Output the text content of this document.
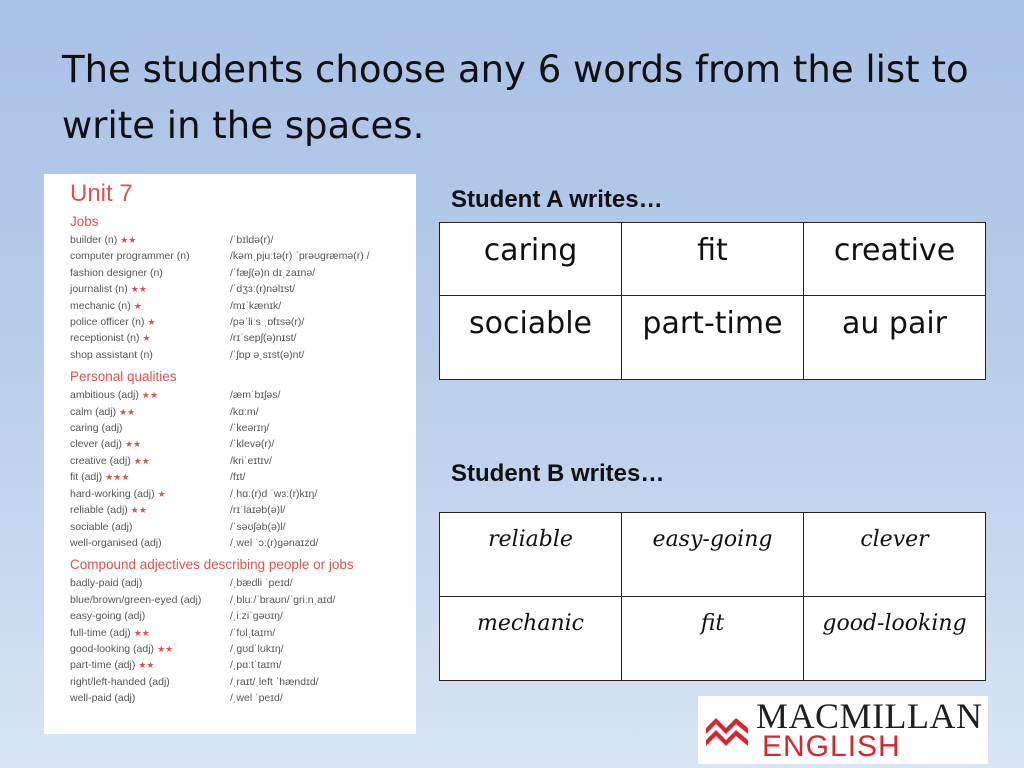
The students choose any 6 words from the list to write in the spaces.
Unit 7
Jobs
builder (n) ★★	/ˈbɪldə(r)/
computer programmer (n)	/kəmˌpjuːtə(r) ˈprəʊɡræmə(r) /
fashion designer (n)	/ˈfæʃ(ə)n dɪˌzaɪnə/
journalist (n) ★★	/ˈdʒɜː(r)nəlɪst/
mechanic (n) ★	/mɪˈkænɪk/
police officer (n) ★	/pəˈliːs ˌɒfɪsə(r)/
receptionist (n) ★	/rɪˈsepʃ(ə)nɪst/
shop assistant (n)	/ˈʃɒp əˌsɪst(ə)nt/
Personal qualities
ambitious (adj) ★★	/æmˈbɪʃəs/
calm (adj) ★★	/kɑːm/
caring (adj)	/ˈkeərɪŋ/
clever (adj) ★★	/ˈklevə(r)/
creative (adj) ★★	/kriˈeɪtɪv/
fit (adj) ★★★	/fɪt/
hard-working (adj) ★	/ˌhɑː(r)d ˈwɜː(r)kɪŋ/
reliable (adj) ★★	/rɪˈlaɪəb(ə)l/
sociable (adj)	/ˈsəʊʃəb(ə)l/
well-organised (adj)	/ˌwel ˈɔː(r)ɡənaɪzd/
Compound adjectives describing people or jobs
badly-paid (adj)	/ˌbædli ˈpeɪd/
blue/brown/green-eyed (adj)	/ˌbluː/ˈbraʊn/ˈɡriːnˌaɪd/
easy-going (adj)	/ˌiːziˈɡəʊɪŋ/
full-time (adj) ★★	/ˈfʊlˌtaɪm/
good-looking (adj) ★★	/ˌɡʊdˈlʊkɪŋ/
part-time (adj) ★★	/ˌpɑːtˈtaɪm/
right/left-handed (adj)	/ˌraɪt/ˌleft ˈhændɪd/
well-paid (adj)	/ˌwel ˈpeɪd/
Student A writes…
caring	fit	creative
sociable	part-time	au pair
Student B writes…
reliable	easy-going	clever
mechanic	fit	good-looking
MACMILLAN
ENGLISH
